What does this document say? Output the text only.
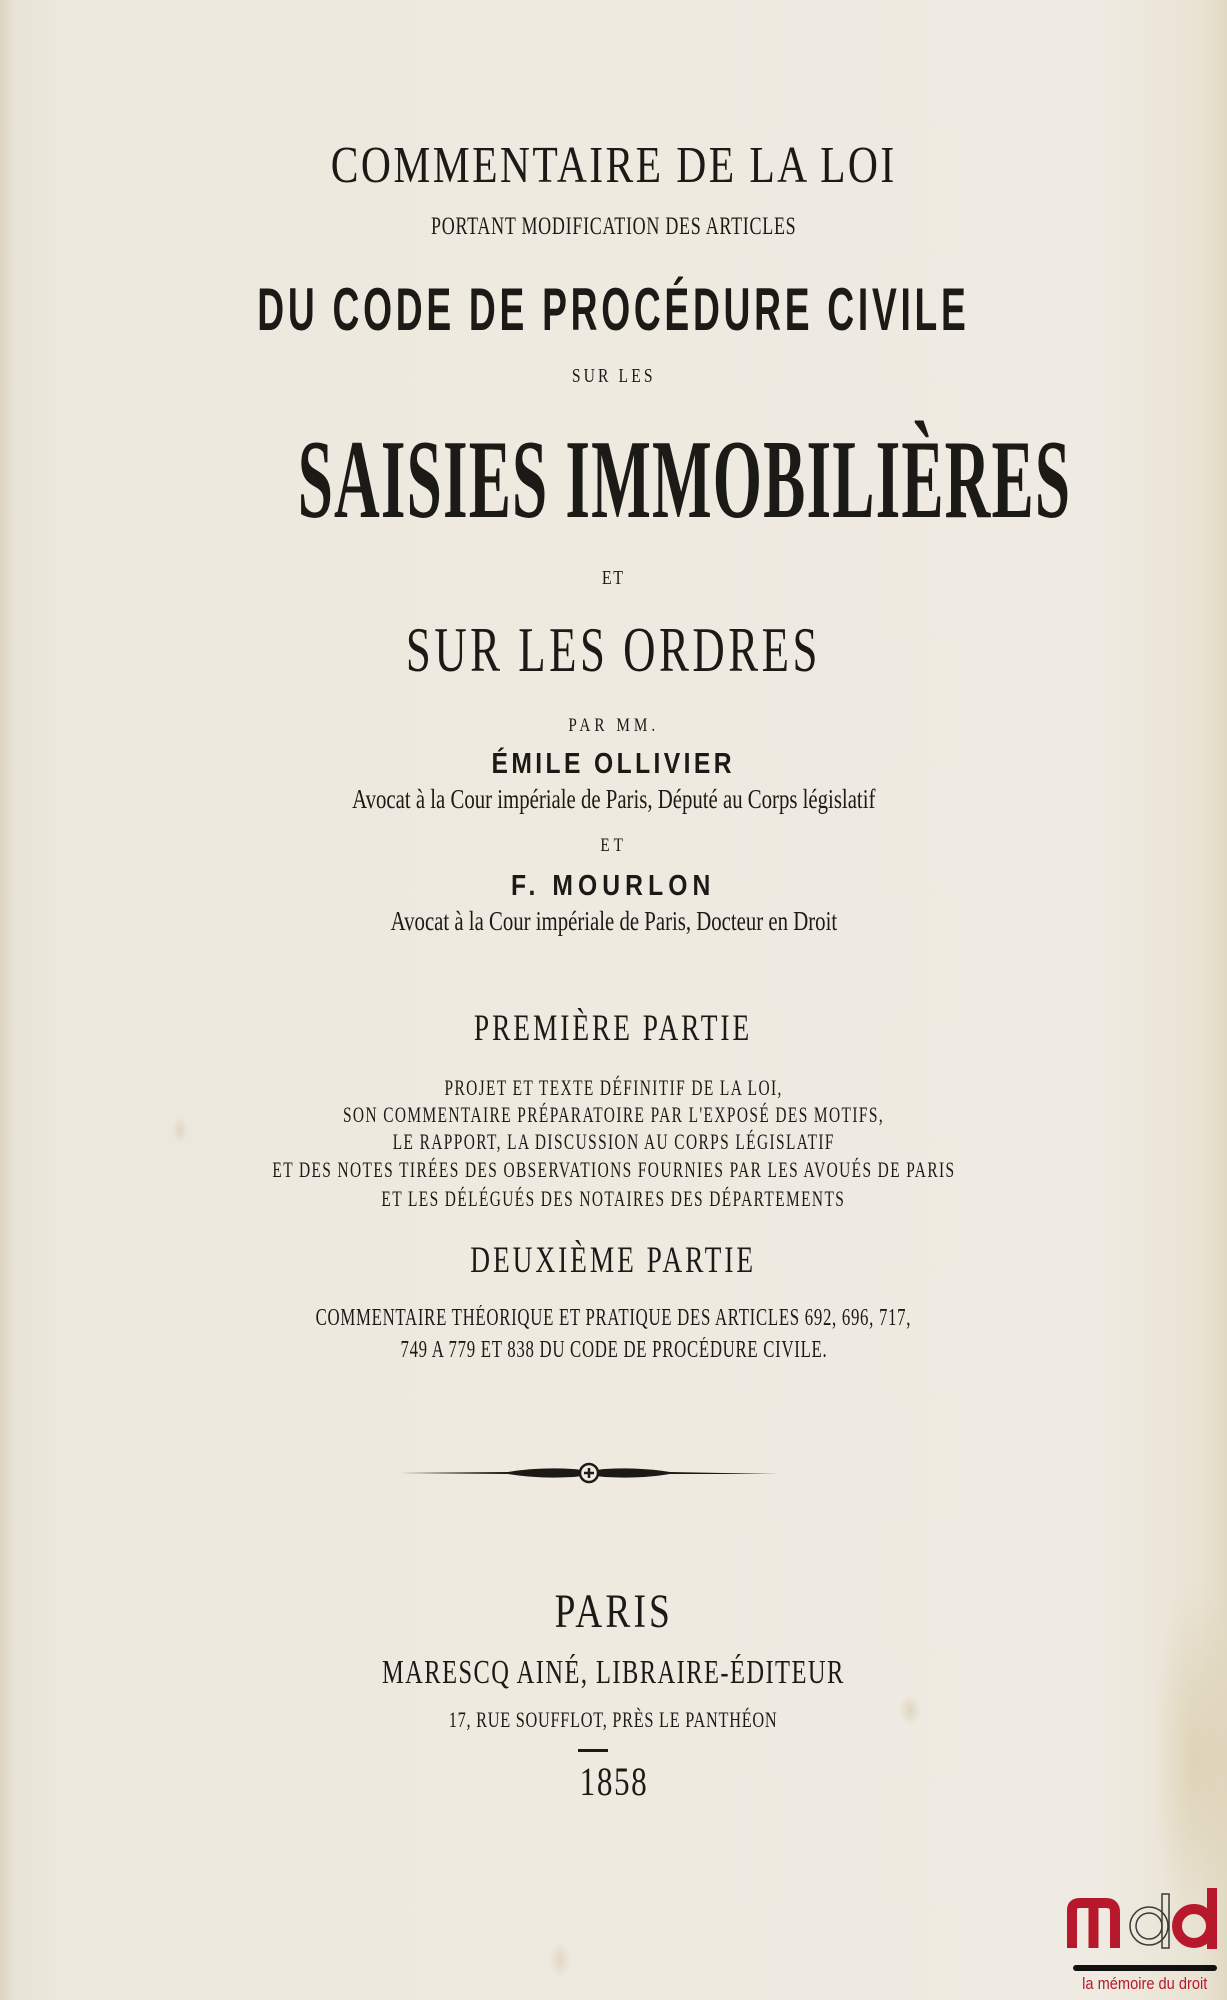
COMMENTAIRE DE LA LOI
PORTANT MODIFICATION DES ARTICLES
DU CODE DE PROCÉDURE CIVILE
SUR LES
SAISIES IMMOBILIÈRES
ET
SUR LES ORDRES
PAR MM.
ÉMILE OLLIVIER
Avocat à la Cour impériale de Paris, Député au Corps législatif
ET
F. MOURLON
Avocat à la Cour impériale de Paris, Docteur en Droit
PREMIÈRE PARTIE
PROJET ET TEXTE DÉFINITIF DE LA LOI,
SON COMMENTAIRE PRÉPARATOIRE PAR L'EXPOSÉ DES MOTIFS,
LE RAPPORT, LA DISCUSSION AU CORPS LÉGISLATIF
ET DES NOTES TIRÉES DES OBSERVATIONS FOURNIES PAR LES AVOUÉS DE PARIS
ET LES DÉLÉGUÉS DES NOTAIRES DES DÉPARTEMENTS
DEUXIÈME PARTIE
COMMENTAIRE THÉORIQUE ET PRATIQUE DES ARTICLES 692, 696, 717,
749 A 779 ET 838 DU CODE DE PROCÉDURE CIVILE.
PARIS
MARESCQ AINÉ, LIBRAIRE-ÉDITEUR
17, RUE SOUFFLOT, PRÈS LE PANTHÉON
1858
la mémoire du droit
